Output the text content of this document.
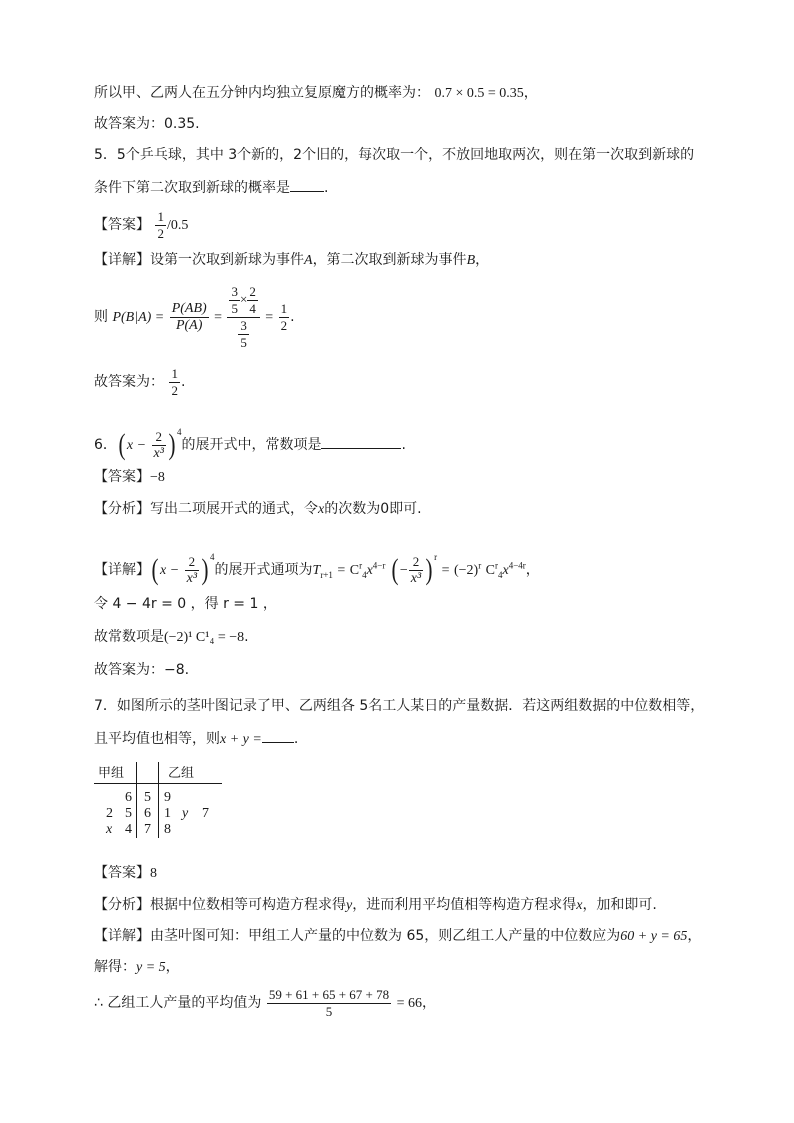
所以甲、乙两人在五分钟内均独立复原魔方的概率为： 0.7 × 0.5 = 0.35，
故答案为：0.35.
5．5个乒乓球，其中 3个新的，2个旧的，每次取一个，不放回地取两次，则在第一次取到新球的
条件下第二次取到新球的概率是 .
【答案】 $\frac{1}{2} /0.5$
【详解】设第一次取到新球为事件A，第二次取到新球为事件B，
则 $P(B|A) = \frac{P(AB)}{P(A)} = \frac{\frac{3}{5} \times \frac{2}{4}}{\frac{3}{5}} = \frac{1}{2}$ .
故答案为： $\frac{1}{2}$ .
6．( $x - \frac{2}{\text{x³}}$ ) $^4$的展开式中，常数项是	.
【答案】−8
【分析】写出二项展开式的通式，令x的次数为0即可.
【详解】( $x - \frac{2}{\text{x³}}$ ) $^4$的展开式通项为$T_{r+1} = C^r_4x^{4-r}$ ( − $\frac{2}{\text{x³}}$ ) $^r = (-2)^r$ $C^r_4x^{4-4r}$，
令 4 − 4r = 0 ，得 r = 1 ，
故常数项是(−2)¹ C¹₄ = −8.
故答案为：−8.
7．如图所示的茎叶图记录了甲、乙两组各 5名工人某日的产量数据．若这两组数据的中位数相等，
且平均值也相等，则x + y = .
甲组	乙组
6 5 9
2 5 6 1 y 7
x 4 7 8
【答案】8
【分析】根据中位数相等可构造方程求得y，进而利用平均值相等构造方程求得x，加和即可.
【详解】由茎叶图可知：甲组工人产量的中位数为 65，则乙组工人产量的中位数应为60 + y = 65，
解得：y = 5，
∴ 乙组工人产量的平均值为 $\frac{59 + 61 + 65 + 67 + 78}{5} = 66$，
